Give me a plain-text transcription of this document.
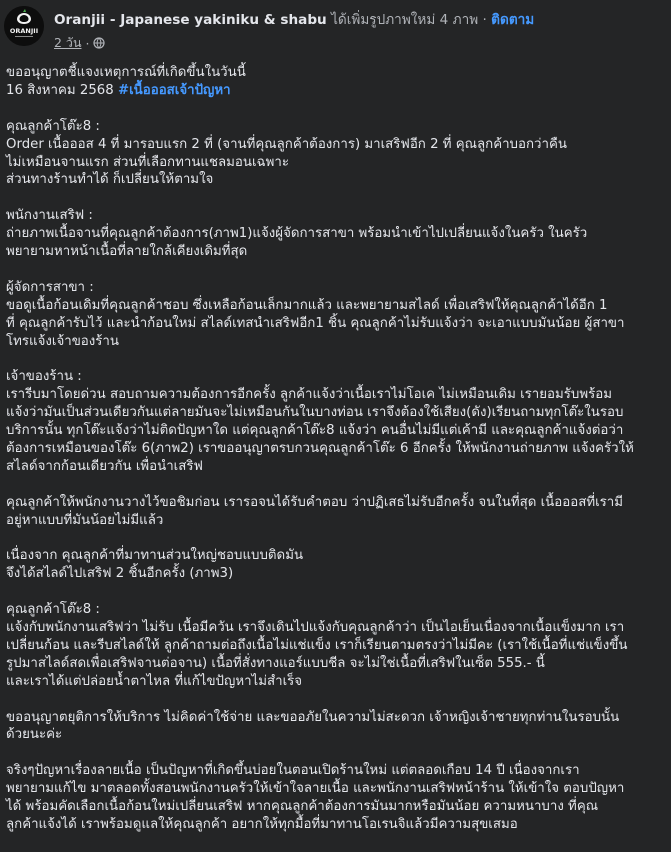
ORANJII
Oranjii - Japanese yakiniku & shabu ได้เพิ่มรูปภาพใหม่ 4 ภาพ · ติดตาม
2 วัน ·

ขออนุญาตชี้แจงเหตุการณ์ที่เกิดขึ้นในวันนี้
16 สิงหาคม 2568 #เนื้อออสเจ้าปัญหา

คุณลูกค้าโต๊ะ8 :
Order เนื้อออส 4 ที่ มารอบแรก 2 ที่ (จานที่คุณลูกค้าต้องการ) มาเสริฟอีก 2 ที่ คุณลูกค้าบอกว่าคืน
ไม่เหมือนจานแรก ส่วนที่เลือกทานแชลมอนเฉพาะ
ส่วนทางร้านทำได้ ก็เปลี่ยนให้ตามใจ

พนักงานเสริฟ :
ถ่ายภาพเนื้อจานที่คุณลูกค้าต้องการ(ภาพ1)แจ้งผู้จัดการสาขา พร้อมนำเข้าไปเปลี่ยนแจ้งในครัว ในครัว
พยายามหาหน้าเนื้อที่ลายใกล้เคียงเดิมที่สุด

ผู้จัดการสาขา :
ขอดูเนื้อก้อนเดิมที่คุณลูกค้าชอบ ซึ่งเหลือก้อนเล็กมากแล้ว และพยายามสไลด์ เพื่อเสริฟให้คุณลูกค้าได้อีก 1
ที่ คุณลูกค้ารับไว้ และนำก้อนใหม่ สไลด์เทสนำเสริฟอีก1 ชิ้น คุณลูกค้าไม่รับแจ้งว่า จะเอาแบบมันน้อย ผู้สาขา
โทรแจ้งเจ้าของร้าน

เจ้าของร้าน :
เรารีบมาโดยด่วน สอบถามความต้องการอีกครั้ง ลูกค้าแจ้งว่าเนื้อเราไม่โอเค ไม่เหมือนเดิม เรายอมรับพร้อม
แจ้งว่ามันเป็นส่วนเดียวกันแต่ลายมันจะไม่เหมือนกันในบางท่อน เราจึงต้องใช้เสียง(ดัง)เรียนถามทุกโต๊ะในรอบ
บริการนั้น ทุกโต๊ะแจ้งว่าไม่ติดปัญหาใด แต่คุณลูกค้าโต๊ะ8 แจ้งว่า คนอื่นไม่มีแต่เค้ามี และคุณลูกค้าแจ้งต่อว่า
ต้องการเหมือนของโต๊ะ 6(ภาพ2) เราขออนุญาตรบกวนคุณลูกค้าโต๊ะ 6 อีกครั้ง ให้พนักงานถ่ายภาพ แจ้งครัวให้
สไลด์จากก้อนเดียวกัน เพื่อนำเสริฟ

คุณลูกค้าให้พนักงานวางไว้ขอชิมก่อน เรารอจนได้รับคำตอบ ว่าปฏิเสธไม่รับอีกครั้ง จนในที่สุด เนื้อออสที่เรามี
อยู่หาแบบที่มันน้อยไม่มีแล้ว

เนื่องจาก คุณลูกค้าที่มาทานส่วนใหญ่ชอบแบบติดมัน
จึงได้สไลด์ไปเสริฟ 2 ชิ้นอีกครั้ง (ภาพ3)

คุณลูกค้าโต๊ะ8 :
แจ้งกับพนักงานเสริฟว่า ไม่รับ เนื้อมีควัน เราจึงเดินไปแจ้งกับคุณลูกค้าว่า เป็นไอเย็นเนื่องจากเนื้อแข็งมาก เรา
เปลี่ยนก้อน และรีบสไลด์ให้ ลูกค้าถามต่อถึงเนื้อไม่แช่แข็ง เราก็เรียนตามตรงว่าไม่มีคะ (เราใช้เนื้อที่แช่แข็งขึ้น
รูปมาสไลด์สดเพื่อเสริฟจานต่อจาน) เนื้อที่สั่งทางแอร์แบบชีล จะไม่ใช่เนื้อที่เสริฟในเซ็ต 555.- นี้
และเราได้แต่ปล่อยน้ำตาไหล ที่แก้ไขปัญหาไม่สำเร็จ

ขออนุญาตยุติการให้บริการ ไม่คิดค่าใช้จ่าย และขออภัยในความไม่สะดวก เจ้าหญิงเจ้าชายทุกท่านในรอบนั้น
ด้วยนะค่ะ

จริงๆปัญหาเรื่องลายเนื้อ เป็นปัญหาที่เกิดขึ้นบ่อยในตอนเปิดร้านใหม่ แต่ตลอดเกือบ 14 ปี เนื่องจากเรา
พยายามแก้ไข มาตลอดทั้งสอนพนักงานครัวให้เข้าใจลายเนื้อ และพนักงานเสริฟหน้าร้าน ให้เข้าใจ ตอบปัญหา
ได้ พร้อมคัดเลือกเนื้อก้อนใหม่เปลี่ยนเสริฟ หากคุณลูกค้าต้องการมันมากหรือมันน้อย ความหนาบาง ที่คุณ
ลูกค้าแจ้งได้ เราพร้อมดูแลให้คุณลูกค้า อยากให้ทุกมื้อที่มาทานโอเรนจิแล้วมีความสุขเสมอ
